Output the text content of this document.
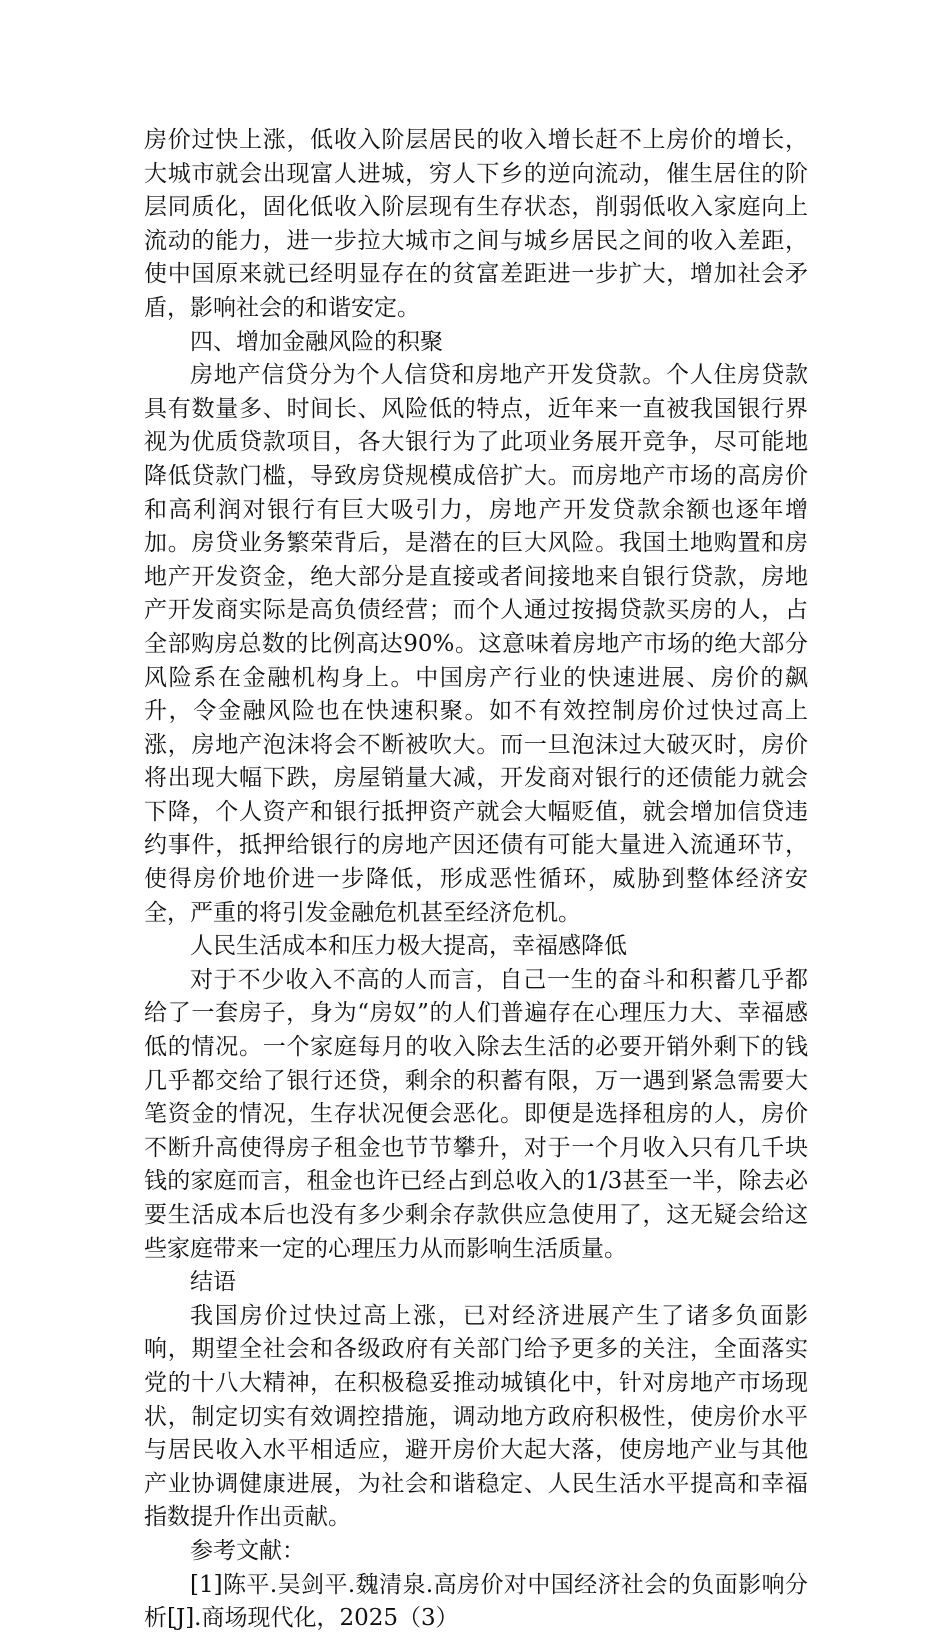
房价过快上涨，低收入阶层居民的收入增长赶不上房价的增长，大城市就会出现富人进城，穷人下乡的逆向流动，催生居住的阶层同质化，固化低收入阶层现有生存状态，削弱低收入家庭向上流动的能力，进一步拉大城市之间与城乡居民之间的收入差距，使中国原来就已经明显存在的贫富差距进一步扩大，增加社会矛盾，影响社会的和谐安定。

四、增加金融风险的积聚

房地产信贷分为个人信贷和房地产开发贷款。个人住房贷款具有数量多、时间长、风险低的特点，近年来一直被我国银行界视为优质贷款项目，各大银行为了此项业务展开竞争，尽可能地降低贷款门槛，导致房贷规模成倍扩大。而房地产市场的高房价和高利润对银行有巨大吸引力，房地产开发贷款余额也逐年增加。房贷业务繁荣背后，是潜在的巨大风险。我国土地购置和房地产开发资金，绝大部分是直接或者间接地来自银行贷款，房地产开发商实际是高负债经营；而个人通过按揭贷款买房的人，占全部购房总数的比例高达90%。这意味着房地产市场的绝大部分风险系在金融机构身上。中国房产行业的快速进展、房价的飙升，令金融风险也在快速积聚。如不有效控制房价过快过高上涨，房地产泡沫将会不断被吹大。而一旦泡沫过大破灭时，房价将出现大幅下跌，房屋销量大减，开发商对银行的还债能力就会下降，个人资产和银行抵押资产就会大幅贬值，就会增加信贷违约事件，抵押给银行的房地产因还债有可能大量进入流通环节，使得房价地价进一步降低，形成恶性循环，威胁到整体经济安全，严重的将引发金融危机甚至经济危机。

人民生活成本和压力极大提高，幸福感降低

对于不少收入不高的人而言，自己一生的奋斗和积蓄几乎都给了一套房子，身为“房奴”的人们普遍存在心理压力大、幸福感低的情况。一个家庭每月的收入除去生活的必要开销外剩下的钱几乎都交给了银行还贷，剩余的积蓄有限，万一遇到紧急需要大笔资金的情况，生存状况便会恶化。即便是选择租房的人，房价不断升高使得房子租金也节节攀升，对于一个月收入只有几千块钱的家庭而言，租金也许已经占到总收入的1/3甚至一半，除去必要生活成本后也没有多少剩余存款供应急使用了，这无疑会给这些家庭带来一定的心理压力从而影响生活质量。

结语

我国房价过快过高上涨，已对经济进展产生了诸多负面影响，期望全社会和各级政府有关部门给予更多的关注，全面落实党的十八大精神，在积极稳妥推动城镇化中，针对房地产市场现状，制定切实有效调控措施，调动地方政府积极性，使房价水平与居民收入水平相适应，避开房价大起大落，使房地产业与其他产业协调健康进展，为社会和谐稳定、人民生活水平提高和幸福指数提升作出贡献。

参考文献：

[1]陈平.吴剑平.魏清泉.高房价对中国经济社会的负面影响分析[J].商场现代化，2025（3）
